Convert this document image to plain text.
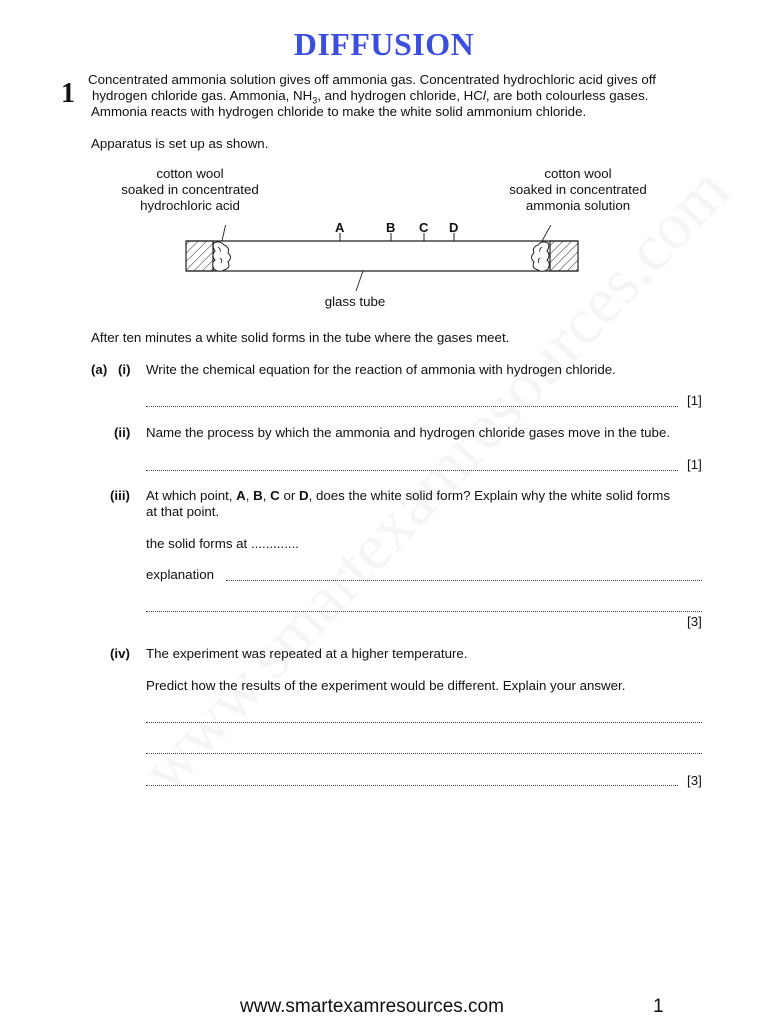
DIFFUSION
1 Concentrated ammonia solution gives off ammonia gas. Concentrated hydrochloric acid gives off
hydrogen chloride gas. Ammonia, $NH_3$, and hydrogen chloride, HCl, are both colourless gases.
Ammonia reacts with hydrogen chloride to make the white solid ammonium chloride.
Apparatus is set up as shown.
cotton wool
soaked in concentrated
hydrochloric acid
cotton wool
soaked in concentrated
ammonia solution
A	B C D
glass tube
After ten minutes a white solid forms in the tube where the gases meet.
(a) (i) Write the chemical equation for the reaction of ammonia with hydrogen chloride.
[1]
(ii) Name the process by which the ammonia and hydrogen chloride gases move in the tube.
[1]
(iii) At which point, A, B, C or D, does the white solid form? Explain why the white solid forms
at that point.
the solid forms at .............
explanation
[3]
(iv) The experiment was repeated at a higher temperature.
Predict how the results of the experiment would be different. Explain your answer.
[3]
www.smartexamresources.com	1
